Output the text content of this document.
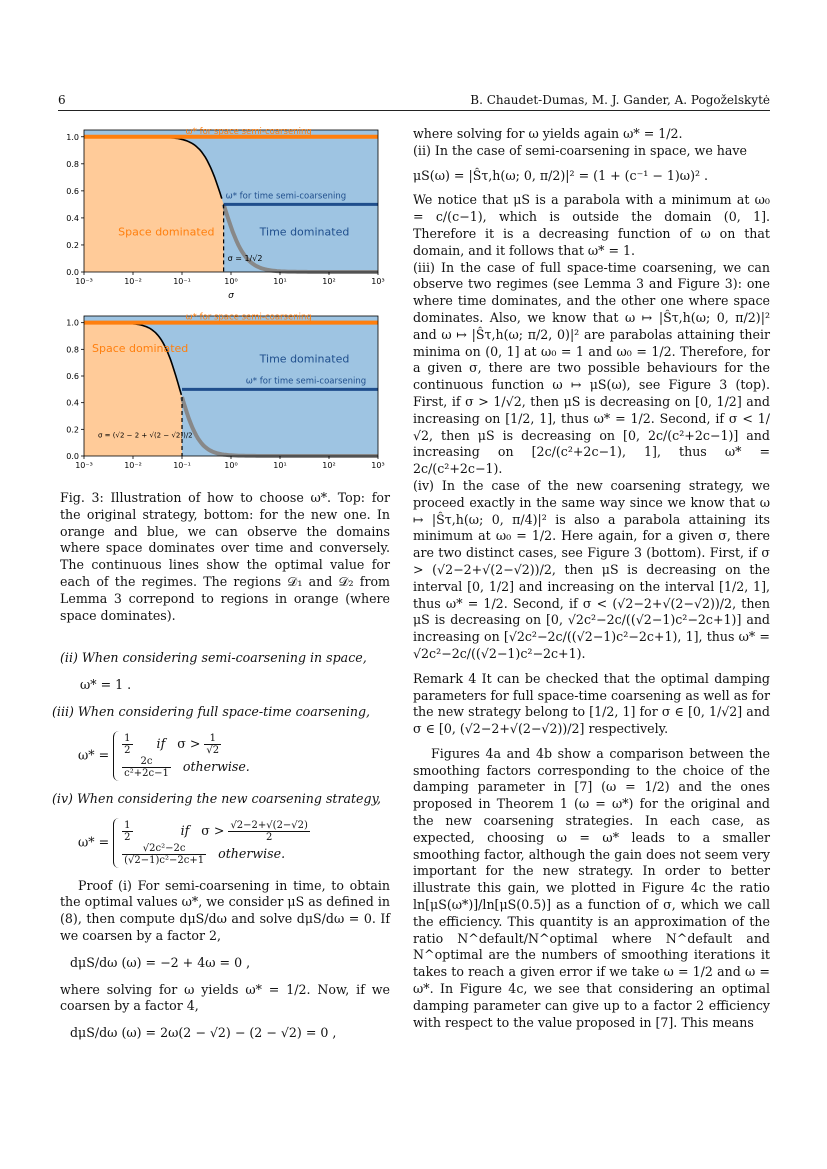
6	B. Chaudet-Dumas, M. J. Gander, A. Pogoželskytė
10⁻³	10⁻²	10⁻¹	10⁰	10¹	10²	10³
0.0
0.2
0.4
0.6
0.8
1.0
σ
ω* for space semi-coarsening
ω* for time semi-coarsening
Space dominated	Time dominated
σ = 1/√2
10⁻³	10⁻²	10⁻¹	10⁰	10¹	10²	10³
0.0
0.2
0.4
0.6
0.8
1.0
ω* for space semi-coarsening
ω* for time semi-coarsening
Space dominated
Time dominated
σ = (√2 − 2 + √(2 − √2))/2

Fig. 3: Illustration of how to choose ω*. Top: for the original strategy, bottom: for the new one. In orange and blue, we can observe the domains where space dominates over time and conversely. The continuous lines show the optimal value for each of the regimes. The regions 𝒟₁ and 𝒟₂ from Lemma 3 correpond to regions in orange (where space dominates).

(ii) When considering semi-coarsening in space,

ω* = 1 .

(iii) When considering full space-time coarsening,

$\omega* = \frac{1}{2}$ if   $\sigma > \frac{1}{√2}$

$\frac{2c}{\text{c²+2c−1}}$ otherwise.

(iv) When considering the new coarsening strategy,

$\omega* = \frac{1}{2}$	if   $\sigma > \frac{√2-2+√(2-√2)}{2}$

$\frac{\text{√2c²−2c}}{\text{(√2−1)c²−2c+1}}$ otherwise.

Proof (i) For semi-coarsening in time, to obtain the optimal values ω*, we consider μS as defined in (8), then compute dμS/dω and solve dμS/dω = 0. If we coarsen by a factor 2,

dμS/dω (ω) = −2 + 4ω = 0 ,

where solving for ω yields ω* = 1/2. Now, if we coarsen by a factor 4,

dμS/dω (ω) = 2ω(2 − √2) − (2 − √2) = 0 ,

where solving for ω yields again ω* = 1/2.

(ii) In the case of semi-coarsening in space, we have

μS(ω) = |Ŝτ,h(ω; 0, π/2)|² = (1 + (c⁻¹ − 1)ω)² .

We notice that μS is a parabola with a minimum at ω₀ = c/(c−1), which is outside the domain (0, 1]. Therefore it is a decreasing function of ω on that domain, and it follows that ω* = 1.

(iii) In the case of full space-time coarsening, we can observe two regimes (see Lemma 3 and Figure 3): one where time dominates, and the other one where space dominates. Also, we know that ω ↦ |Ŝτ,h(ω; 0, π/2)|² and ω ↦ |Ŝτ,h(ω; π/2, 0)|² are parabolas attaining their minima on (0, 1] at ω₀ = 1 and ω₀ = 1/2. Therefore, for a given σ, there are two possible behaviours for the continuous function ω ↦ μS(ω), see Figure 3 (top). First, if σ > 1/√2, then μS is decreasing on [0, 1/2] and increasing on [1/2, 1], thus ω* = 1/2. Second, if σ < 1/√2, then μS is decreasing on [0, 2c/(c²+2c−1)] and increasing on [2c/(c²+2c−1), 1], thus ω* = 2c/(c²+2c−1).

(iv) In the case of the new coarsening strategy, we proceed exactly in the same way since we know that ω ↦ |Ŝτ,h(ω; 0, π/4)|² is also a parabola attaining its minimum at ω₀ = 1/2. Here again, for a given σ, there are two distinct cases, see Figure 3 (bottom). First, if σ > (√2−2+√(2−√2))/2, then μS is decreasing on the interval [0, 1/2] and increasing on the interval [1/2, 1], thus ω* = 1/2. Second, if σ < (√2−2+√(2−√2))/2, then μS is decreasing on [0, √2c²−2c/((√2−1)c²−2c+1)] and increasing on [√2c²−2c/((√2−1)c²−2c+1), 1], thus ω* = √2c²−2c/((√2−1)c²−2c+1).

Remark 4 It can be checked that the optimal damping parameters for full space-time coarsening as well as for the new strategy belong to [1/2, 1] for σ ∈ [0, 1/√2] and σ ∈ [0, (√2−2+√(2−√2))/2] respectively.

Figures 4a and 4b show a comparison between the smoothing factors corresponding to the choice of the damping parameter in [7] (ω = 1/2) and the ones proposed in Theorem 1 (ω = ω*) for the original and the new coarsening strategies. In each case, as expected, choosing ω = ω* leads to a smaller smoothing factor, although the gain does not seem very important for the new strategy. In order to better illustrate this gain, we plotted in Figure 4c the ratio ln[μS(ω*)]/ln[μS(0.5)] as a function of σ, which we call the efficiency. This quantity is an approximation of the ratio N^default/N^optimal where N^default and N^optimal are the numbers of smoothing iterations it takes to reach a given error if we take ω = 1/2 and ω = ω*. In Figure 4c, we see that considering an optimal damping parameter can give up to a factor 2 efficiency with respect to the value proposed in [7]. This means
